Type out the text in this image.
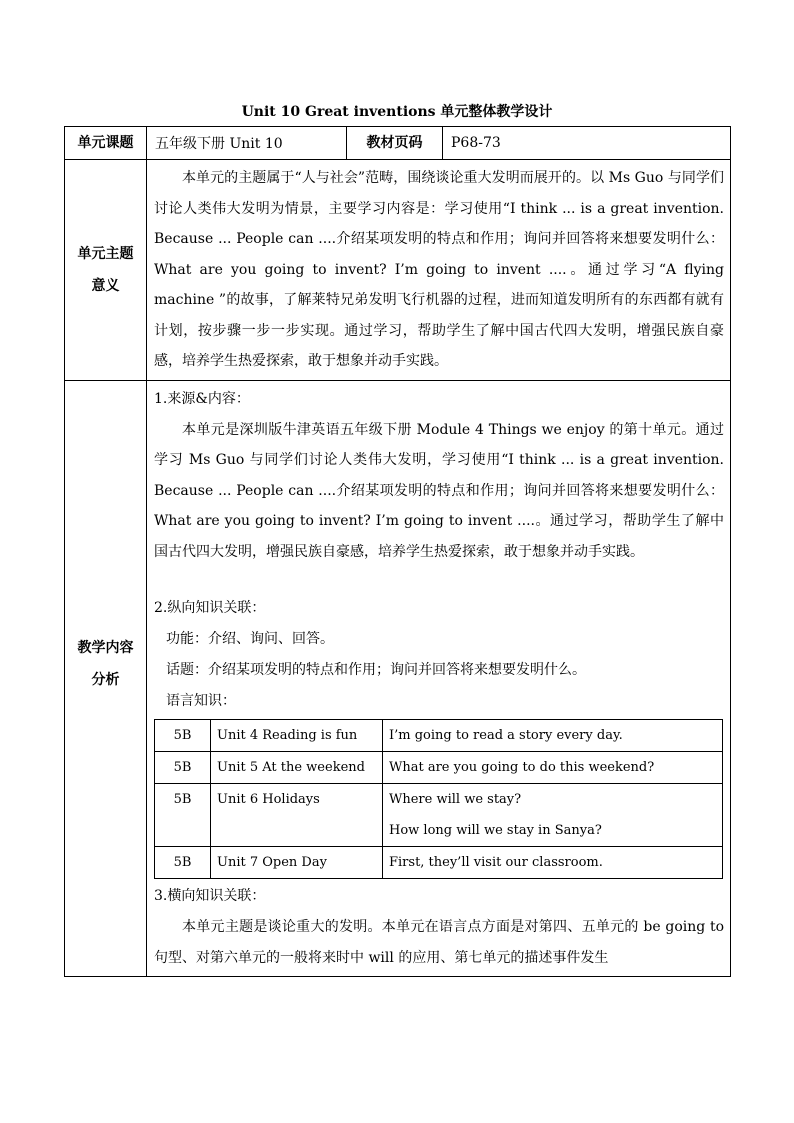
Unit 10 Great inventions 单元整体教学设计
单元课题	五年级下册 Unit 10	教材页码	P68-73

单元主题
意义

本单元的主题属于“人与社会”范畴，围绕谈论重大发明而展开的。以 Ms Guo 与同学们讨论人类伟大发明为情景，主要学习内容是：学习使用“I think ... is a great invention. Because ... People can ....介绍某项发明的特点和作用；询问并回答将来想要发明什么：What are you going to invent? I’m going to invent ....。通过学习“A flying machine ”的故事，了解莱特兄弟发明飞行机器的过程，进而知道发明所有的东西都有就有计划，按步骤一步一步实现。通过学习，帮助学生了解中国古代四大发明，增强民族自豪感，培养学生热爱探索，敢于想象并动手实践。

教学内容
分析

1.来源&内容：

本单元是深圳版牛津英语五年级下册 Module 4 Things we enjoy 的第十单元。通过学习 Ms Guo 与同学们讨论人类伟大发明，学习使用“I think ... is a great invention. Because ... People can ....介绍某项发明的特点和作用；询问并回答将来想要发明什么：What are you going to invent? I’m going to invent ....。通过学习，帮助学生了解中国古代四大发明，增强民族自豪感，培养学生热爱探索，敢于想象并动手实践。

2.纵向知识关联：

功能：介绍、询问、回答。

话题：介绍某项发明的特点和作用；询问并回答将来想要发明什么。

语言知识：

5B	Unit 4 Reading is fun	I’m going to read a story every day.
5B	Unit 5 At the weekend	What are you going to do this weekend?
5B	Unit 6 Holidays	Where will we stay?
How long will we stay in Sanya?

5B	Unit 7 Open Day	First, they’ll visit our classroom.

3.横向知识关联：

本单元主题是谈论重大的发明。本单元在语言点方面是对第四、五单元的 be going to 句型、对第六单元的一般将来时中 will 的应用、第七单元的描述事件发生
